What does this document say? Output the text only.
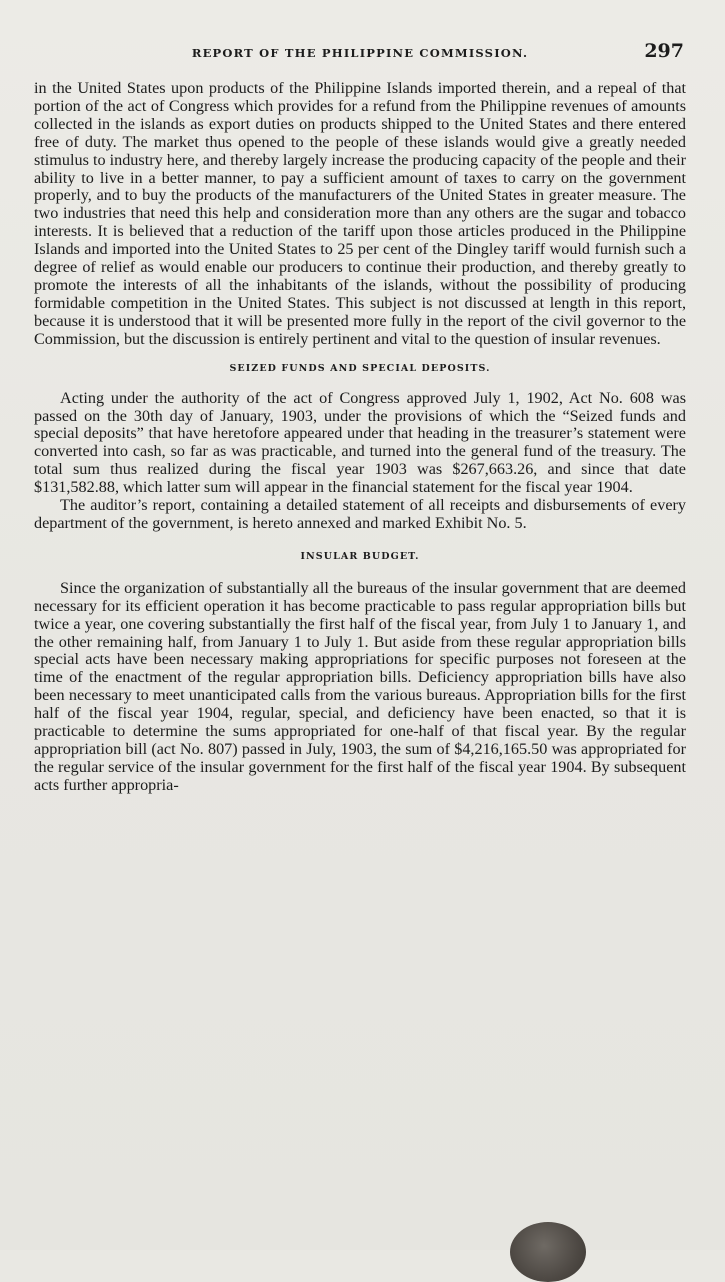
REPORT OF THE PHILIPPINE COMMISSION.	297

in the United States upon products of the Philippine Islands imported therein, and a repeal of that portion of the act of Congress which provides for a refund from the Philippine revenues of amounts collected in the islands as export duties on products shipped to the United States and there entered free of duty. The market thus opened to the people of these islands would give a greatly needed stimulus to industry here, and thereby largely increase the producing capacity of the people and their ability to live in a better manner, to pay a sufficient amount of taxes to carry on the government properly, and to buy the products of the manufacturers of the United States in greater measure. The two industries that need this help and consideration more than any others are the sugar and tobacco interests. It is believed that a reduction of the tariff upon those articles produced in the Philippine Islands and imported into the United States to 25 per cent of the Dingley tariff would furnish such a degree of relief as would enable our producers to continue their production, and thereby greatly to promote the interests of all the inhabitants of the islands, without the possibility of producing formidable competition in the United States. This subject is not discussed at length in this report, because it is understood that it will be presented more fully in the report of the civil governor to the Commission, but the discussion is entirely pertinent and vital to the question of insular revenues.

SEIZED FUNDS AND SPECIAL DEPOSITS.

Acting under the authority of the act of Congress approved July 1, 1902, Act No. 608 was passed on the 30th day of January, 1903, under the provisions of which the “Seized funds and special deposits” that have heretofore appeared under that heading in the treasurer’s statement were converted into cash, so far as was practicable, and turned into the general fund of the treasury. The total sum thus realized during the fiscal year 1903 was $267,663.26, and since that date $131,582.88, which latter sum will appear in the financial statement for the fiscal year 1904.

The auditor’s report, containing a detailed statement of all receipts and disbursements of every department of the government, is hereto annexed and marked Exhibit No. 5.

INSULAR BUDGET.

Since the organization of substantially all the bureaus of the insular government that are deemed necessary for its efficient operation it has become practicable to pass regular appropriation bills but twice a year, one covering substantially the first half of the fiscal year, from July 1 to January 1, and the other remaining half, from January 1 to July 1. But aside from these regular appropriation bills special acts have been necessary making appropriations for specific purposes not foreseen at the time of the enactment of the regular appropriation bills. Deficiency appropriation bills have also been necessary to meet unanticipated calls from the various bureaus. Appropriation bills for the first half of the fiscal year 1904, regular, special, and deficiency have been enacted, so that it is practicable to determine the sums appropriated for one-half of that fiscal year. By the regular appropriation bill (act No. 807) passed in July, 1903, the sum of $4,216,165.50 was appropriated for the regular service of the insular government for the first half of the fiscal year 1904. By subsequent acts further appropria-
